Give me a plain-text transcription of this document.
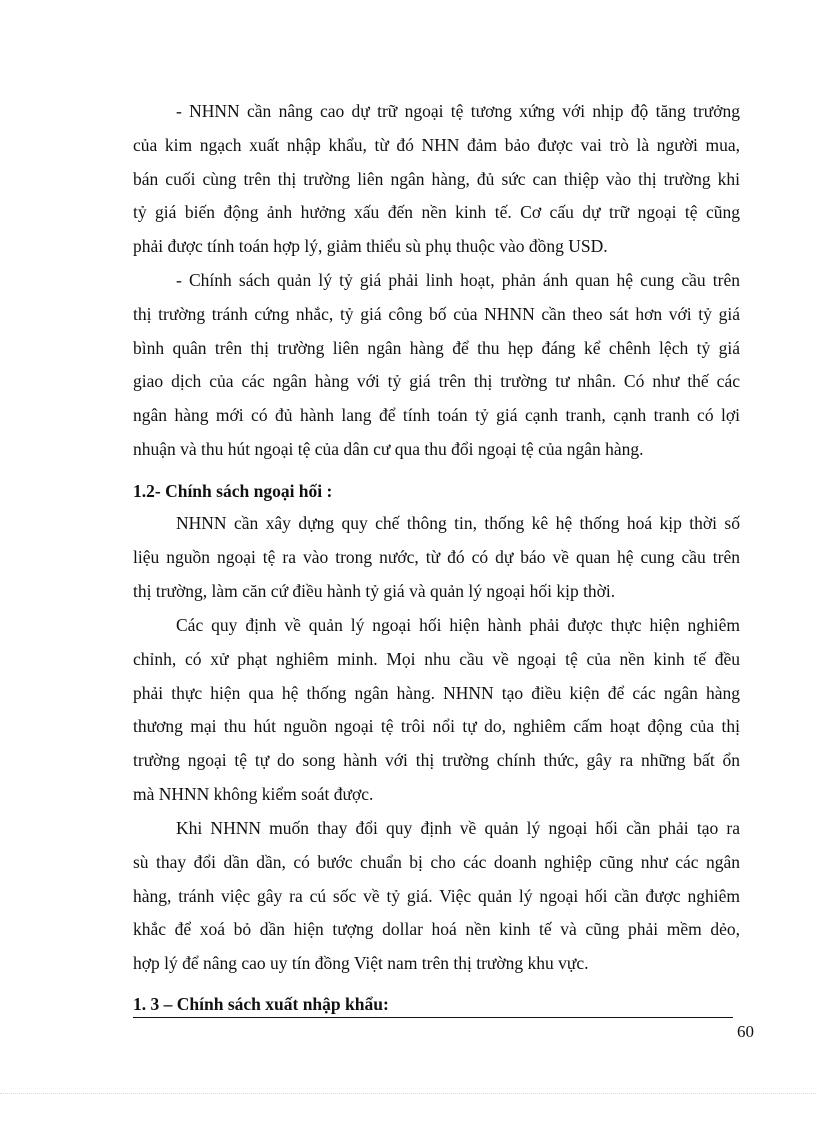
- NHNN cần nâng cao dự trữ ngoại tệ tương xứng với nhịp độ tăng trưởng
của kim ngạch xuất nhập khẩu, từ đó NHN đảm bảo được vai trò là người mua,
bán cuối cùng trên thị trường liên ngân hàng, đủ sức can thiệp vào thị trường khi
tỷ giá biến động ảnh hưởng xấu đến nền kinh tế. Cơ cấu dự trữ ngoại tệ cũng
phải được tính toán hợp lý, giảm thiểu sù phụ thuộc vào đồng USD.
- Chính sách quản lý tỷ giá phải linh hoạt, phản ánh quan hệ cung cầu trên
thị trường tránh cứng nhắc, tỷ giá công bố của NHNN cần theo sát hơn với tỷ giá
bình quân trên thị trường liên ngân hàng để thu hẹp đáng kể chênh lệch tỷ giá
giao dịch của các ngân hàng với tỷ giá trên thị trường tư nhân. Có như thế các
ngân hàng mới có đủ hành lang để tính toán tỷ giá cạnh tranh, cạnh tranh có lợi
nhuận và thu hút ngoại tệ của dân cư qua thu đổi ngoại tệ của ngân hàng.
1.2- Chính sách ngoại hối :
NHNN cần xây dựng quy chế thông tin, thống kê hệ thống hoá kịp thời số
liệu nguồn ngoại tệ ra vào trong nước, từ đó có dự báo về quan hệ cung cầu trên
thị trường, làm căn cứ điều hành tỷ giá và quản lý ngoại hối kịp thời.
Các quy định về quản lý ngoại hối hiện hành phải được thực hiện nghiêm
chỉnh, có xử phạt nghiêm minh. Mọi nhu cầu về ngoại tệ của nền kinh tế đều
phải thực hiện qua hệ thống ngân hàng. NHNN tạo điều kiện để các ngân hàng
thương mại thu hút nguồn ngoại tệ trôi nổi tự do, nghiêm cấm hoạt động của thị
trường ngoại tệ tự do song hành với thị trường chính thức, gây ra những bất ổn
mà NHNN không kiểm soát được.
Khi NHNN muốn thay đổi quy định về quản lý ngoại hối cần phải tạo ra
sù thay đổi dần dần, có bước chuẩn bị cho các doanh nghiệp cũng như các ngân
hàng, tránh việc gây ra cú sốc về tỷ giá. Việc quản lý ngoại hối cần được nghiêm
khắc để xoá bỏ dần hiện tượng dollar hoá nền kinh tế và cũng phải mềm dẻo,
hợp lý để nâng cao uy tín đồng Việt nam trên thị trường khu vực.
1. 3 – Chính sách xuất nhập khẩu:
60
